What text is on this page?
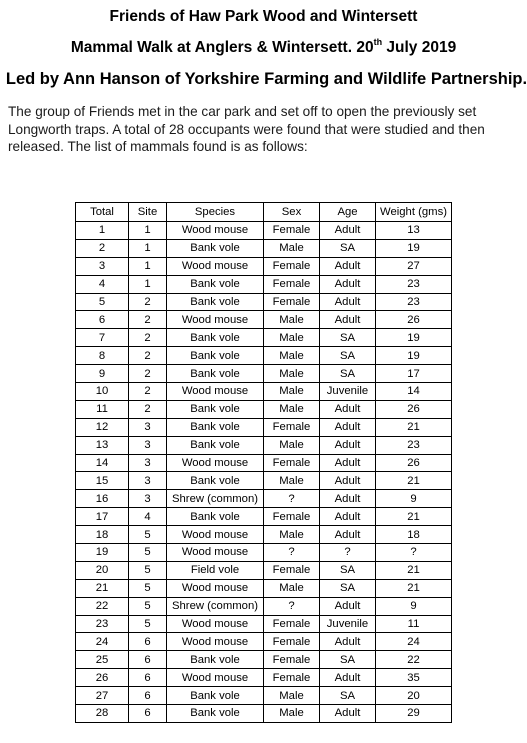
Friends of Haw Park Wood and Wintersett
Mammal Walk at Anglers & Wintersett. 20th July 2019
Led by Ann Hanson of Yorkshire Farming and Wildlife Partnership.
The group of Friends met in the car park and set off to open the previously set
Longworth traps. A total of 28 occupants were found that were studied and then
released. The list of mammals found is as follows:
Total	Site	Species	Sex	Age	Weight (gms)
1	1	Wood mouse	Female	Adult	13
2	1	Bank vole	Male	SA	19
3	1	Wood mouse	Female	Adult	27
4	1	Bank vole	Female	Adult	23
5	2	Bank vole	Female	Adult	23
6	2	Wood mouse	Male	Adult	26
7	2	Bank vole	Male	SA	19
8	2	Bank vole	Male	SA	19
9	2	Bank vole	Male	SA	17
10	2	Wood mouse	Male	Juvenile	14
11	2	Bank vole	Male	Adult	26
12	3	Bank vole	Female	Adult	21
13	3	Bank vole	Male	Adult	23
14	3	Wood mouse	Female	Adult	26
15	3	Bank vole	Male	Adult	21
16	3	Shrew (common)	?	Adult	9
17	4	Bank vole	Female	Adult	21
18	5	Wood mouse	Male	Adult	18
19	5	Wood mouse	?	?	?
20	5	Field vole	Female	SA	21
21	5	Wood mouse	Male	SA	21
22	5	Shrew (common)	?	Adult	9
23	5	Wood mouse	Female	Juvenile	11
24	6	Wood mouse	Female	Adult	24
25	6	Bank vole	Female	SA	22
26	6	Wood mouse	Female	Adult	35
27	6	Bank vole	Male	SA	20
28	6	Bank vole	Male	Adult	29
